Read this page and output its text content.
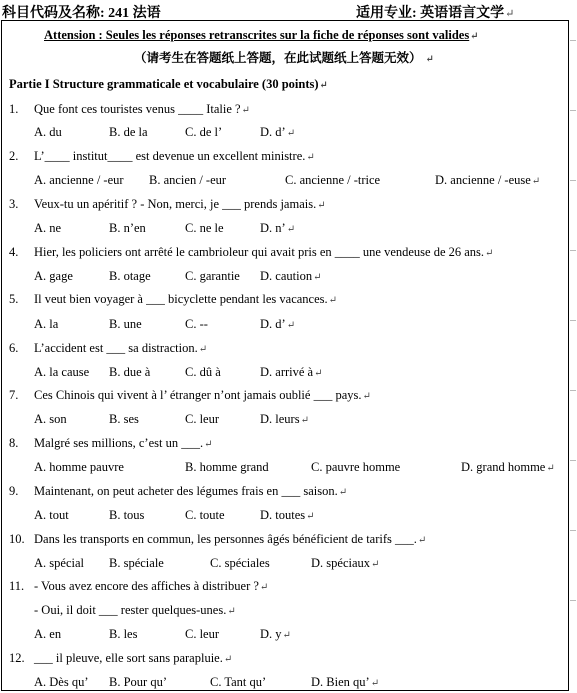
科目代码及名称: 241 法语	适用专业: 英语语言文学↵
Attension : Seules les réponses retranscrites sur la fiche de réponses sont valides↵
（请考生在答题纸上答题，在此试题纸上答题无效） ↵
Partie I Structure grammaticale et vocabulaire (30 points)↵
1. Que font ces touristes venus ____ Italie ?↵
A. du	B. de la	C. de l’	D. d’↵
2. L’____ institut____ est devenue un excellent ministre.↵
A. ancienne / -eur B. ancien / -eur	C. ancienne / -trice	D. ancienne / -euse↵
3. Veux-tu un apéritif ? - Non, merci, je ___ prends jamais.↵
A. ne	B. n’en	C. ne le	D. n’↵
4. Hier, les policiers ont arrêté le cambrioleur qui avait pris en ____ une vendeuse de 26 ans.↵
A. gage	B. otage	C. garantie D. caution↵
5. Il veut bien voyager à ___ bicyclette pendant les vacances.↵
A. la	B. une	C. --	D. d’↵
6. L’accident est ___ sa distraction.↵
A. la cause B. due à	C. dû à	D. arrivé à↵
7. Ces Chinois qui vivent à l’ étranger n’ont jamais oublié ___ pays.↵
A. son	B. ses	C. leur	D. leurs↵
8. Malgré ses millions, c’est un ___.↵
A. homme pauvre	B. homme grand	C. pauvre homme	D. grand homme↵
9. Maintenant, on peut acheter des légumes frais en ___ saison.↵
A. tout	B. tous	C. toute	D. toutes↵
10. Dans les transports en commun, les personnes âgés bénéficient de tarifs ___.↵
A. spécial B. spéciale	C. spéciales	D. spéciaux↵
11. - Vous avez encore des affiches à distribuer ?↵
- Oui, il doit ___ rester quelques-unes.↵
A. en	B. les	C. leur	D. y↵
12. ___ il pleuve, elle sort sans parapluie.↵
A. Dès qu’ B. Pour qu’	C. Tant qu’	D. Bien qu’↵
